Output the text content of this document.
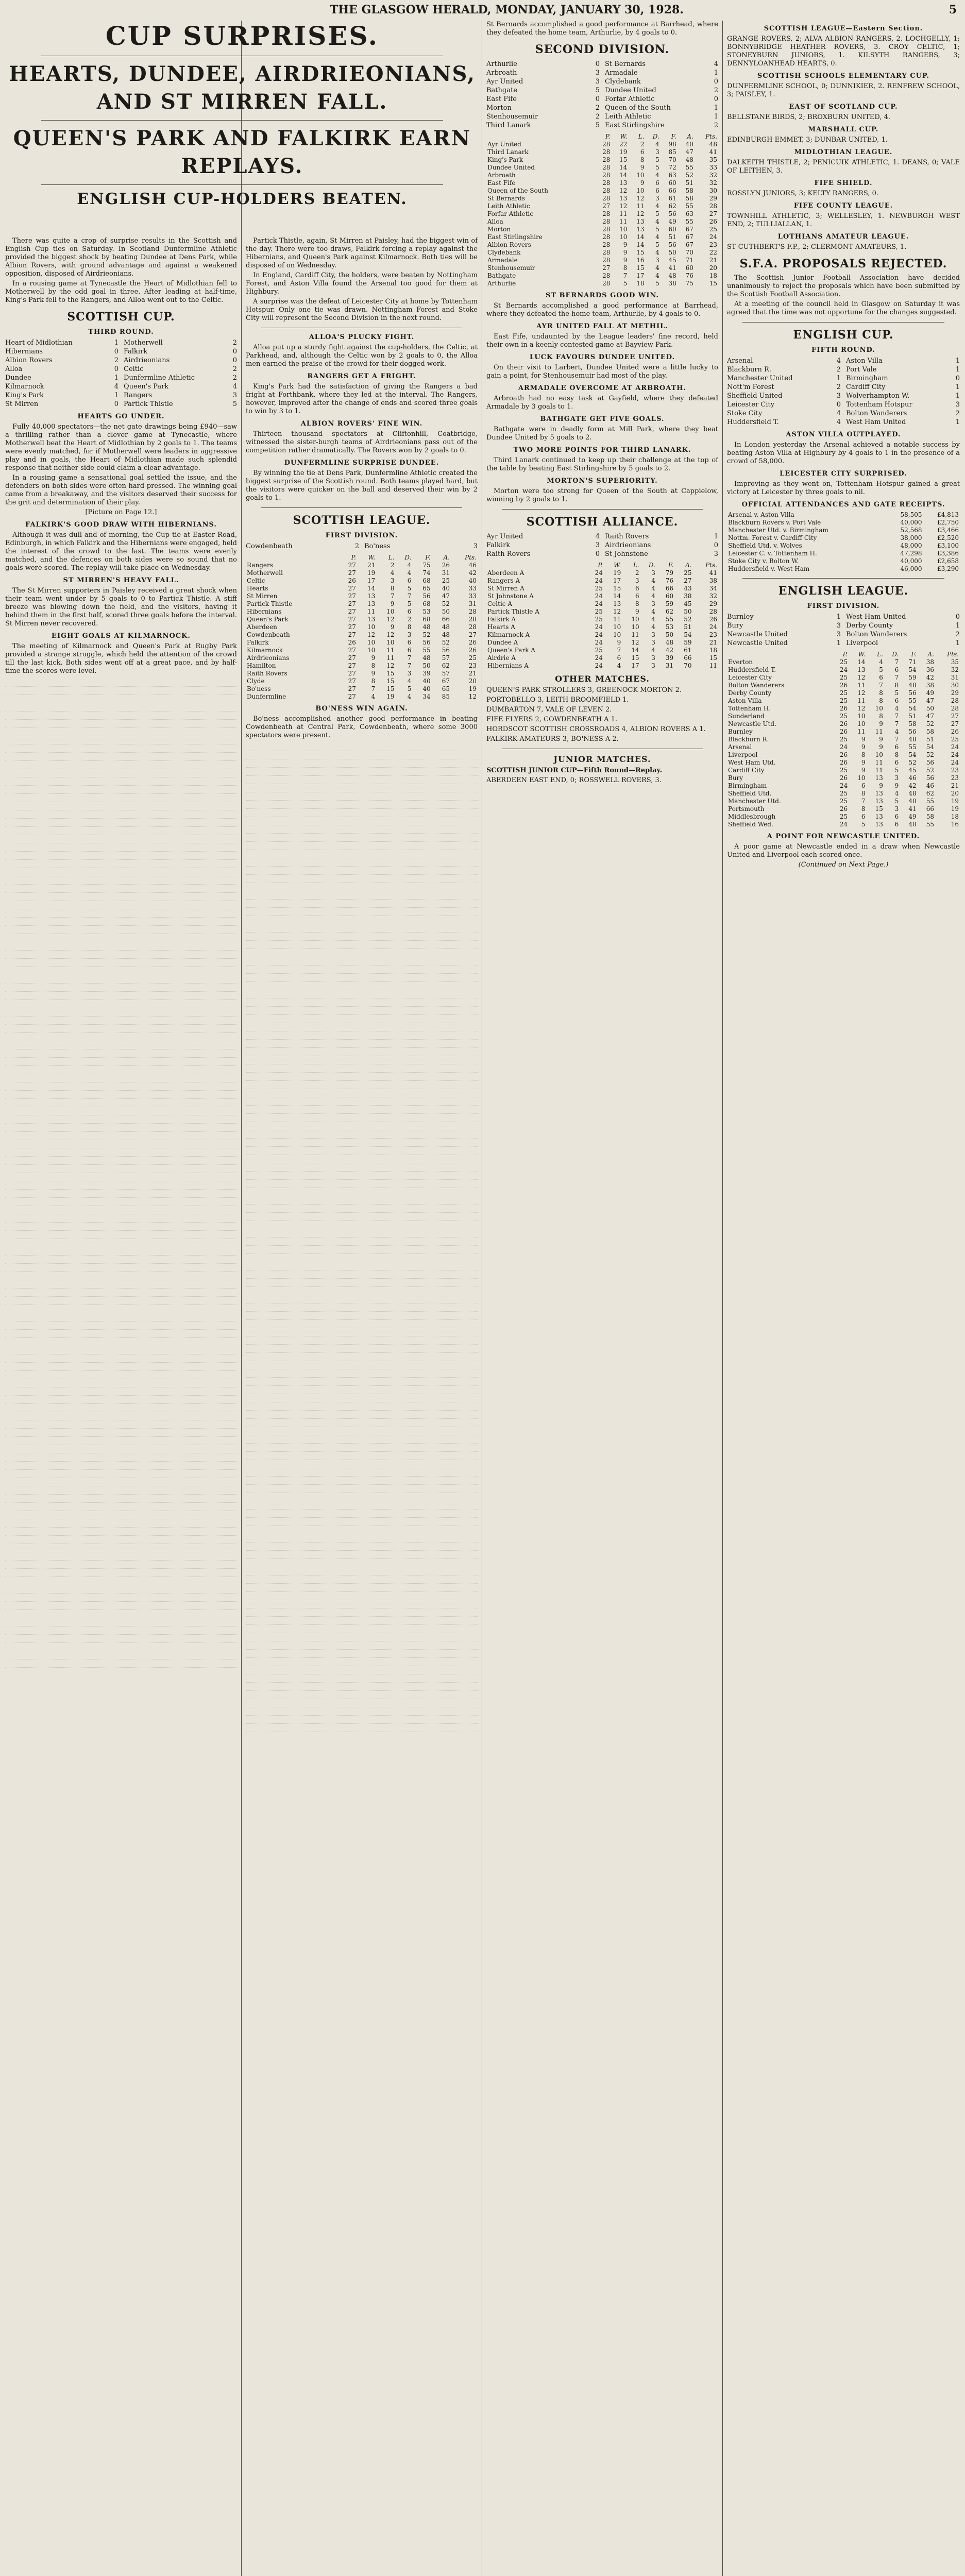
THE GLASGOW HERALD, MONDAY, JANUARY 30, 1928.	5
CUP SURPRISES.
HEARTS, DUNDEE, AIRDRIEONIANS, AND ST MIRREN FALL.
QUEEN'S PARK AND FALKIRK EARN REPLAYS.
ENGLISH CUP-HOLDERS BEATEN.

There was quite a crop of surprise results in the Scottish and English Cup ties on Saturday. In Scotland Dunfermline Athletic provided the biggest shock by beating Dundee at Dens Park, while Albion Rovers, with ground advantage and against a weakened opposition, disposed of Airdrieonians.

In a rousing game at Tynecastle the Heart of Midlothian fell to Motherwell by the odd goal in three. After leading at half-time, King's Park fell to the Rangers, and Alloa went out to the Celtic.

SCOTTISH CUP.
THIRD ROUND.
Heart of Midlothian	1 Motherwell	2
Hibernians	0 Falkirk	0
Albion Rovers	2 Airdrieonians	0
Alloa	0 Celtic	2
Dundee	1 Dunfermline Athletic	2
Kilmarnock	4 Queen's Park	4
King's Park	1 Rangers	3
St Mirren	0 Partick Thistle	5
HEARTS GO UNDER.

Fully 40,000 spectators—the net gate drawings being £940—saw a thrilling rather than a clever game at Tynecastle, where Motherwell beat the Heart of Midlothian by 2 goals to 1. The teams were evenly matched, for if Motherwell were leaders in aggressive play and in goals, the Heart of Midlothian made such splendid response that neither side could claim a clear advantage.

In a rousing game a sensational goal settled the issue, and the defenders on both sides were often hard pressed. The winning goal came from a breakaway, and the visitors deserved their success for the grit and determination of their play.

[Picture on Page 12.]

FALKIRK'S GOOD DRAW WITH HIBERNIANS.

Although it was dull and of morning, the Cup tie at Easter Road, Edinburgh, in which Falkirk and the Hibernians were engaged, held the interest of the crowd to the last. The teams were evenly matched, and the defences on both sides were so sound that no goals were scored. The replay will take place on Wednesday.

ST MIRREN'S HEAVY FALL.

The St Mirren supporters in Paisley received a great shock when their team went under by 5 goals to 0 to Partick Thistle. A stiff breeze was blowing down the field, and the visitors, having it behind them in the first half, scored three goals before the interval. St Mirren never recovered.

EIGHT GOALS AT KILMARNOCK.

The meeting of Kilmarnock and Queen's Park at Rugby Park provided a strange struggle, which held the attention of the crowd till the last kick. Both sides went off at a great pace, and by half-time the scores were level.

Partick Thistle, again, St Mirren at Paisley, had the biggest win of the day. There were too draws, Falkirk forcing a replay against the Hibernians, and Queen's Park against Kilmarnock. Both ties will be disposed of on Wednesday.

In England, Cardiff City, the holders, were beaten by Nottingham Forest, and Aston Villa found the Arsenal too good for them at Highbury.

A surprise was the defeat of Leicester City at home by Tottenham Hotspur. Only one tie was drawn. Nottingham Forest and Stoke City will represent the Second Division in the next round.

ALLOA'S PLUCKY FIGHT.

Alloa put up a sturdy fight against the cup-holders, the Celtic, at Parkhead, and, although the Celtic won by 2 goals to 0, the Alloa men earned the praise of the crowd for their dogged work.

RANGERS GET A FRIGHT.

King's Park had the satisfaction of giving the Rangers a bad fright at Forthbank, where they led at the interval. The Rangers, however, improved after the change of ends and scored three goals to win by 3 to 1.

ALBION ROVERS' FINE WIN.

Thirteen thousand spectators at Cliftonhill, Coatbridge, witnessed the sister-burgh teams of Airdrieonians pass out of the competition rather dramatically. The Rovers won by 2 goals to 0.

DUNFERMLINE SURPRISE DUNDEE.

By winning the tie at Dens Park, Dunfermline Athletic created the biggest surprise of the Scottish round. Both teams played hard, but the visitors were quicker on the ball and deserved their win by 2 goals to 1.

SCOTTISH LEAGUE.
FIRST DIVISION.
Cowdenbeath	2 Bo'ness	3
	P.	W.	L.	D.	F.	A.	Pts.
Rangers	27	21	2	4	75	26	46
Motherwell	27	19	4	4	74	31	42
Celtic	26	17	3	6	68	25	40
Hearts	27	14	8	5	65	40	33
St Mirren	27	13	7	7	56	47	33
Partick Thistle	27	13	9	5	68	52	31
Hibernians	27	11	10	6	53	50	28
Queen's Park	27	13	12	2	68	66	28
Aberdeen	27	10	9	8	48	48	28
Cowdenbeath	27	12	12	3	52	48	27
Falkirk	26	10	10	6	56	52	26
Kilmarnock	27	10	11	6	55	56	26
Airdrieonians	27	9	11	7	48	57	25
Hamilton	27	8	12	7	50	62	23
Raith Rovers	27	9	15	3	39	57	21
Clyde	27	8	15	4	40	67	20
Bo'ness	27	7	15	5	40	65	19
Dunfermline	27	4	19	4	34	85	12
BO'NESS WIN AGAIN.

Bo'ness accomplished another good performance in beating Cowdenbeath at Central Park, Cowdenbeath, where some 3000 spectators were present.

St Bernards accomplished a good performance at Barrhead, where they defeated the home team, Arthurlie, by 4 goals to 0.

SECOND DIVISION.
Arthurlie	0 St Bernards	4
Arbroath	3 Armadale	1
Ayr United	3 Clydebank	0
Bathgate	5 Dundee United	2
East Fife	0 Forfar Athletic	0
Morton	2 Queen of the South	1
Stenhousemuir	2 Leith Athletic	1
Third Lanark	5 East Stirlingshire	2
	P.	W.	L.	D.	F.	A.	Pts.
Ayr United	28	22	2	4	98	40	48
Third Lanark	28	19	6	3	85	47	41
King's Park	28	15	8	5	70	48	35
Dundee United	28	14	9	5	72	55	33
Arbroath	28	14	10	4	63	52	32
East Fife	28	13	9	6	60	51	32
Queen of the South	28	12	10	6	66	58	30
St Bernards	28	13	12	3	61	58	29
Leith Athletic	27	12	11	4	62	55	28
Forfar Athletic	28	11	12	5	56	63	27
Alloa	28	11	13	4	49	55	26
Morton	28	10	13	5	60	67	25
East Stirlingshire	28	10	14	4	51	67	24
Albion Rovers	28	9	14	5	56	67	23
Clydebank	28	9	15	4	50	70	22
Armadale	28	9	16	3	45	71	21
Stenhousemuir	27	8	15	4	41	60	20
Bathgate	28	7	17	4	48	76	18
Arthurlie	28	5	18	5	38	75	15
ST BERNARDS GOOD WIN.

St Bernards accomplished a good performance at Barrhead, where they defeated the home team, Arthurlie, by 4 goals to 0.

AYR UNITED FALL AT METHIL.

East Fife, undaunted by the League leaders' fine record, held their own in a keenly contested game at Bayview Park.

LUCK FAVOURS DUNDEE UNITED.

On their visit to Larbert, Dundee United were a little lucky to gain a point, for Stenhousemuir had most of the play.

ARMADALE OVERCOME AT ARBROATH.

Arbroath had no easy task at Gayfield, where they defeated Armadale by 3 goals to 1.

BATHGATE GET FIVE GOALS.

Bathgate were in deadly form at Mill Park, where they beat Dundee United by 5 goals to 2.

TWO MORE POINTS FOR THIRD LANARK.

Third Lanark continued to keep up their challenge at the top of the table by beating East Stirlingshire by 5 goals to 2.

MORTON'S SUPERIORITY.

Morton were too strong for Queen of the South at Cappielow, winning by 2 goals to 1.

SCOTTISH ALLIANCE.
Ayr United	4 Raith Rovers	1
Falkirk	3 Airdrieonians	0
Raith Rovers	0 St Johnstone	3
	P.	W.	L.	D.	F.	A.	Pts.
Aberdeen A	24	19	2	3	79	25	41
Rangers A	24	17	3	4	76	27	38
St Mirren A	25	15	6	4	66	43	34
St Johnstone A	24	14	6	4	60	38	32
Celtic A	24	13	8	3	59	45	29
Partick Thistle A	25	12	9	4	62	50	28
Falkirk A	25	11	10	4	55	52	26
Hearts A	24	10	10	4	53	51	24
Kilmarnock A	24	10	11	3	50	54	23
Dundee A	24	9	12	3	48	59	21
Queen's Park A	25	7	14	4	42	61	18
Airdrie A	24	6	15	3	39	66	15
Hibernians A	24	4	17	3	31	70	11
OTHER MATCHES.

QUEEN'S PARK STROLLERS 3, GREENOCK MORTON 2.

PORTOBELLO 3, LEITH BROOMFIELD 1.

DUMBARTON 7, VALE OF LEVEN 2.

FIFE FLYERS 2, COWDENBEATH A 1.

HORDSCOT SCOTTISH CROSSROADS 4, ALBION ROVERS A 1.

FALKIRK AMATEURS 3, BO'NESS A 2.

JUNIOR MATCHES.

SCOTTISH JUNIOR CUP—Fifth Round—Replay.

ABERDEEN EAST END, 0; ROSSWELL ROVERS, 3.

SCOTTISH LEAGUE—Eastern Section.

GRANGE ROVERS, 2; ALVA ALBION RANGERS, 2. LOCHGELLY, 1; BONNYBRIDGE HEATHER ROVERS, 3. CROY CELTIC, 1; STONEYBURN JUNIORS, 1. KILSYTH RANGERS, 3; DENNYLOANHEAD HEARTS, 0.

SCOTTISH SCHOOLS ELEMENTARY CUP.

DUNFERMLINE SCHOOL, 0; DUNNIKIER, 2. RENFREW SCHOOL, 3; PAISLEY, 1.

EAST OF SCOTLAND CUP.

BELLSTANE BIRDS, 2; BROXBURN UNITED, 4.

MARSHALL CUP.

EDINBURGH EMMET, 3; DUNBAR UNITED, 1.

MIDLOTHIAN LEAGUE.

DALKEITH THISTLE, 2; PENICUIK ATHLETIC, 1. DEANS, 0; VALE OF LEITHEN, 3.

FIFE SHIELD.

ROSSLYN JUNIORS, 3; KELTY RANGERS, 0.

FIFE COUNTY LEAGUE.

TOWNHILL ATHLETIC, 3; WELLESLEY, 1. NEWBURGH WEST END, 2; TULLIALLAN, 1.

LOTHIANS AMATEUR LEAGUE.

ST CUTHBERT'S F.P., 2; CLERMONT AMATEURS, 1.

S.F.A. PROPOSALS REJECTED.

The Scottish Junior Football Association have decided unanimously to reject the proposals which have been submitted by the Scottish Football Association.

At a meeting of the council held in Glasgow on Saturday it was agreed that the time was not opportune for the changes suggested.

ENGLISH CUP.
FIFTH ROUND.
Arsenal	4 Aston Villa	1
Blackburn R.	2 Port Vale	1
Manchester United	1 Birmingham	0
Nott'm Forest	2 Cardiff City	1
Sheffield United	3 Wolverhampton W.	1
Leicester City	0 Tottenham Hotspur	3
Stoke City	4 Bolton Wanderers	2
Huddersfield T.	4 West Ham United	1
ASTON VILLA OUTPLAYED.

In London yesterday the Arsenal achieved a notable success by beating Aston Villa at Highbury by 4 goals to 1 in the presence of a crowd of 58,000.

LEICESTER CITY SURPRISED.

Improving as they went on, Tottenham Hotspur gained a great victory at Leicester by three goals to nil.

OFFICIAL ATTENDANCES AND GATE RECEIPTS.
Arsenal v. Aston Villa	58,505	£4,813
Blackburn Rovers v. Port Vale	40,000	£2,750
Manchester Utd. v. Birmingham	52,568	£3,466
Nottm. Forest v. Cardiff City	38,000	£2,520
Sheffield Utd. v. Wolves	48,000	£3,100
Leicester C. v. Tottenham H.	47,298	£3,386
Stoke City v. Bolton W.	40,000	£2,658
Huddersfield v. West Ham	46,000	£3,290
ENGLISH LEAGUE.
FIRST DIVISION.
Burnley	1 West Ham United	0
Bury	3 Derby County	1
Newcastle United	3 Bolton Wanderers	2
Newcastle United	1 Liverpool	1
	P.	W.	L.	D.	F.	A.	Pts.
Everton	25	14	4	7	71	38	35
Huddersfield T.	24	13	5	6	54	36	32
Leicester City	25	12	6	7	59	42	31
Bolton Wanderers	26	11	7	8	48	38	30
Derby County	25	12	8	5	56	49	29
Aston Villa	25	11	8	6	55	47	28
Tottenham H.	26	12	10	4	54	50	28
Sunderland	25	10	8	7	51	47	27
Newcastle Utd.	26	10	9	7	58	52	27
Burnley	26	11	11	4	56	58	26
Blackburn R.	25	9	9	7	48	51	25
Arsenal	24	9	9	6	55	54	24
Liverpool	26	8	10	8	54	52	24
West Ham Utd.	26	9	11	6	52	56	24
Cardiff City	25	9	11	5	45	52	23
Bury	26	10	13	3	46	56	23
Birmingham	24	6	9	9	42	46	21
Sheffield Utd.	25	8	13	4	48	62	20
Manchester Utd.	25	7	13	5	40	55	19
Portsmouth	26	8	15	3	41	66	19
Middlesbrough	25	6	13	6	49	58	18
Sheffield Wed.	24	5	13	6	40	55	16
A POINT FOR NEWCASTLE UNITED.

A poor game at Newcastle ended in a draw when Newcastle United and Liverpool each scored once.

(Continued on Next Page.)
